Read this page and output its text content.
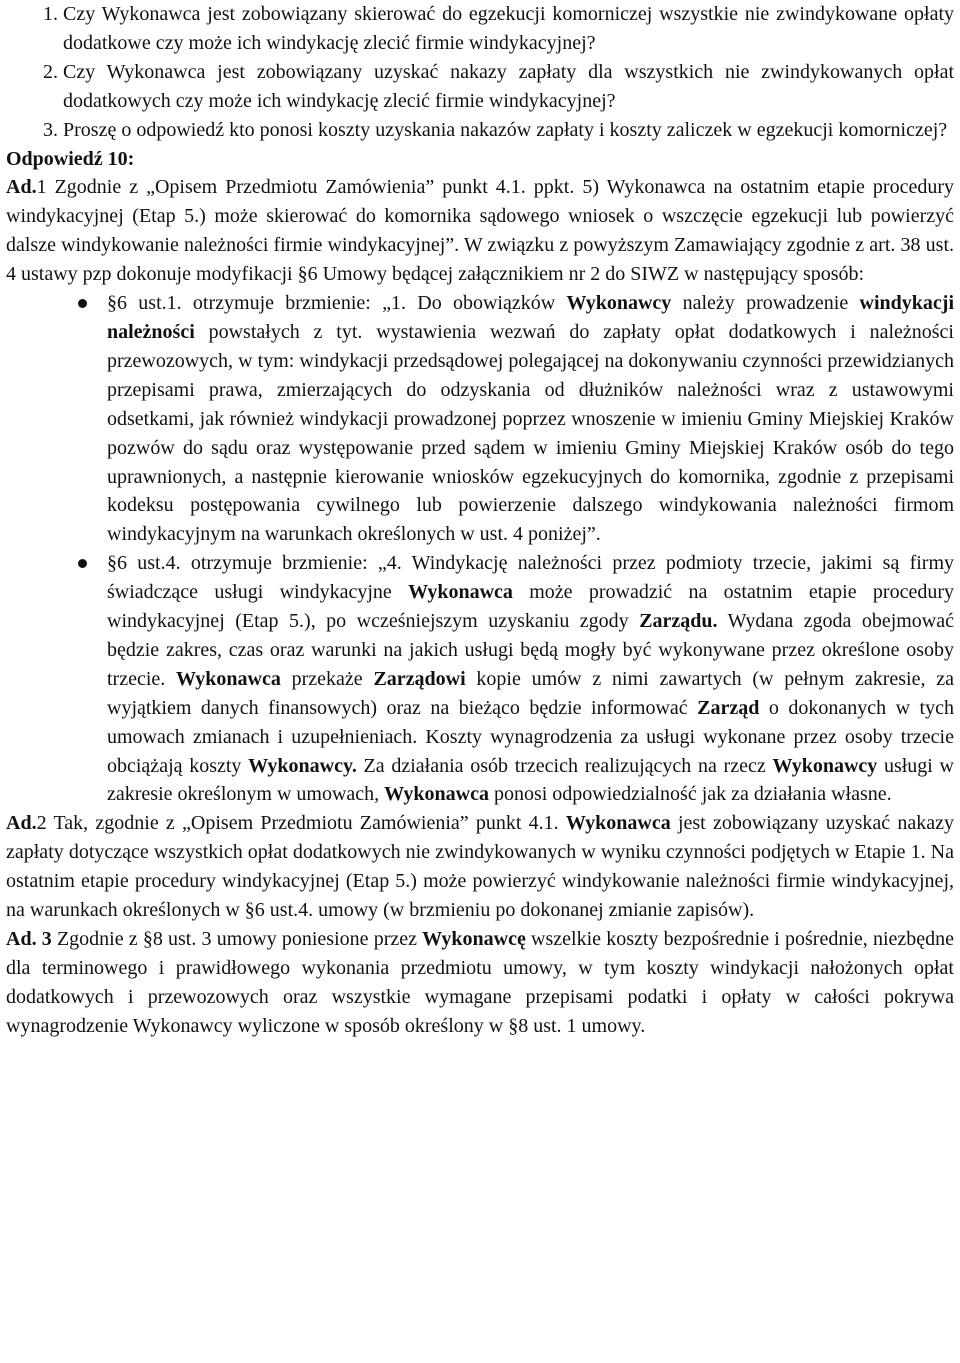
1. Czy Wykonawca jest zobowiązany skierować do egzekucji komorniczej wszystkie nie zwindykowane opłaty dodatkowe czy może ich windykację zlecić firmie windykacyjnej?
2. Czy Wykonawca jest zobowiązany uzyskać nakazy zapłaty dla wszystkich nie zwindykowanych opłat dodatkowych czy może ich windykację zlecić firmie windykacyjnej?
3. Proszę o odpowiedź kto ponosi koszty uzyskania nakazów zapłaty i koszty zaliczek w egzekucji komorniczej?

Odpowiedź 10:

Ad.1 Zgodnie z „Opisem Przedmiotu Zamówienia” punkt 4.1. ppkt. 5) Wykonawca na ostatnim etapie procedury windykacyjnej (Etap 5.) może skierować do komornika sądowego wniosek o wszczęcie egzekucji lub powierzyć dalsze windykowanie należności firmie windykacyjnej”. W związku z powyższym Zamawiający zgodnie z art. 38 ust. 4 ustawy pzp dokonuje modyfikacji §6 Umowy będącej załącznikiem nr 2 do SIWZ w następujący sposób:

§6 ust.1. otrzymuje brzmienie: „1. Do obowiązków Wykonawcy należy prowadzenie windykacji należności powstałych z tyt. wystawienia wezwań do zapłaty opłat dodatkowych i należności przewozowych, w tym: windykacji przedsądowej polegającej na dokonywaniu czynności przewidzianych przepisami prawa, zmierzających do odzyskania od dłużników należności wraz z ustawowymi odsetkami, jak również windykacji prowadzonej poprzez wnoszenie w imieniu Gminy Miejskiej Kraków pozwów do sądu oraz występowanie przed sądem w imieniu Gminy Miejskiej Kraków osób do tego uprawnionych, a następnie kierowanie wniosków egzekucyjnych do komornika, zgodnie z przepisami kodeksu postępowania cywilnego lub powierzenie dalszego windykowania należności firmom windykacyjnym na warunkach określonych w ust. 4 poniżej”.
§6 ust.4. otrzymuje brzmienie: „4. Windykację należności przez podmioty trzecie, jakimi są firmy świadczące usługi windykacyjne Wykonawca może prowadzić na ostatnim etapie procedury windykacyjnej (Etap 5.), po wcześniejszym uzyskaniu zgody Zarządu. Wydana zgoda obejmować będzie zakres, czas oraz warunki na jakich usługi będą mogły być wykonywane przez określone osoby trzecie. Wykonawca przekaże Zarządowi kopie umów z nimi zawartych (w pełnym zakresie, za wyjątkiem danych finansowych) oraz na bieżąco będzie informować Zarząd o dokonanych w tych umowach zmianach i uzupełnieniach. Koszty wynagrodzenia za usługi wykonane przez osoby trzecie obciążają koszty Wykonawcy. Za działania osób trzecich realizujących na rzecz Wykonawcy usługi w zakresie określonym w umowach, Wykonawca ponosi odpowiedzialność jak za działania własne.

Ad.2 Tak, zgodnie z „Opisem Przedmiotu Zamówienia” punkt 4.1. Wykonawca jest zobowiązany uzyskać nakazy zapłaty dotyczące wszystkich opłat dodatkowych nie zwindykowanych w wyniku czynności podjętych w Etapie 1. Na ostatnim etapie procedury windykacyjnej (Etap 5.) może powierzyć windykowanie należności firmie windykacyjnej, na warunkach określonych w §6 ust.4. umowy (w brzmieniu po dokonanej zmianie zapisów).

Ad. 3 Zgodnie z §8 ust. 3 umowy poniesione przez Wykonawcę wszelkie koszty bezpośrednie i pośrednie, niezbędne dla terminowego i prawidłowego wykonania przedmiotu umowy, w tym koszty windykacji nałożonych opłat dodatkowych i przewozowych oraz wszystkie wymagane przepisami podatki i opłaty w całości pokrywa wynagrodzenie Wykonawcy wyliczone w sposób określony w §8 ust. 1 umowy.
